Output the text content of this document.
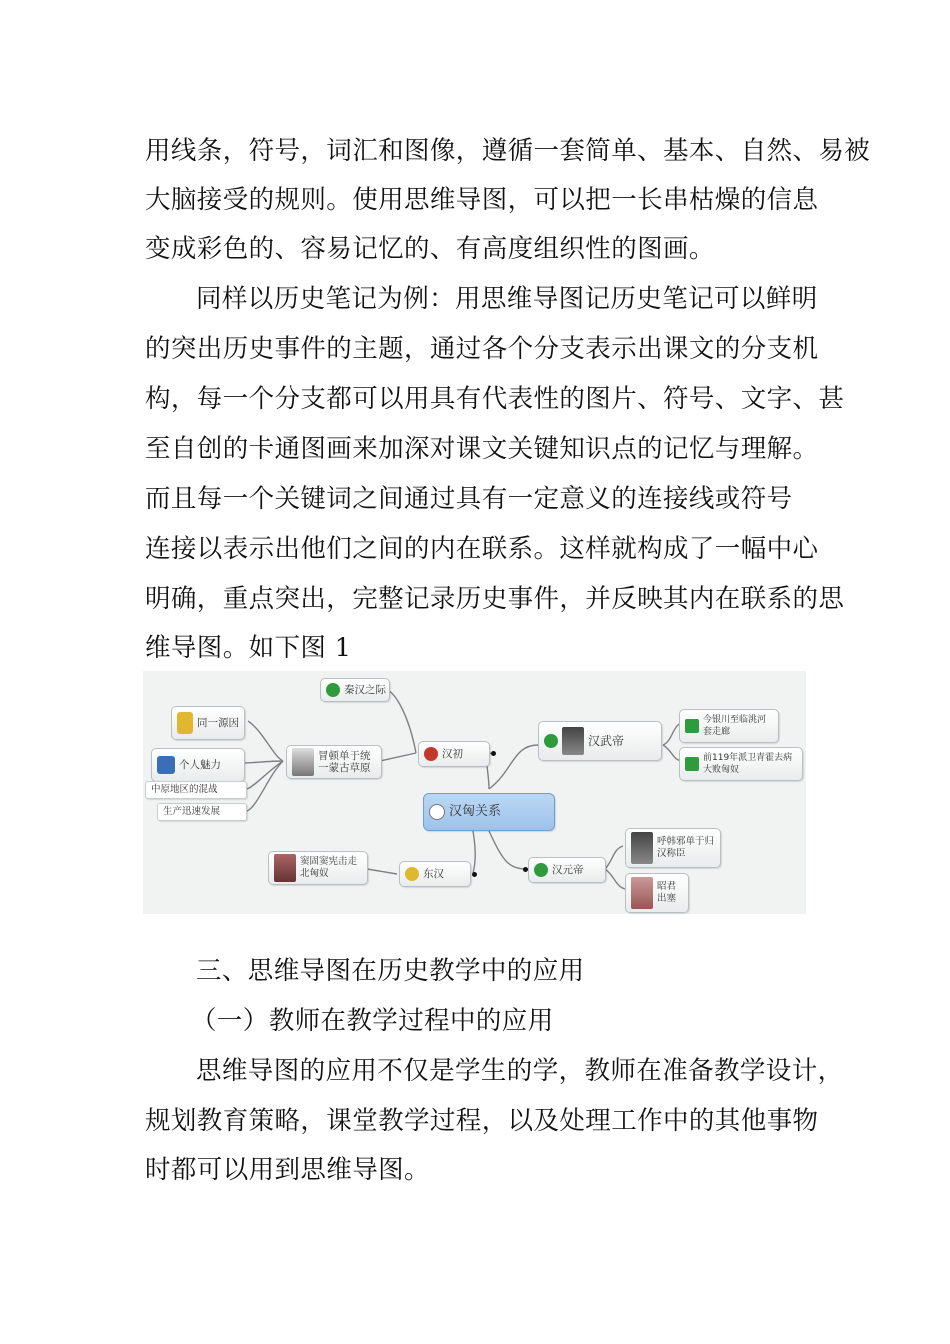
用线条，符号，词汇和图像，遵循一套简单、基本、自然、易被
大脑接受的规则。使用思维导图，可以把一长串枯燥的信息
变成彩色的、容易记忆的、有高度组织性的图画。
同样以历史笔记为例：用思维导图记历史笔记可以鲜明
的突出历史事件的主题，通过各个分支表示出课文的分支机
构，每一个分支都可以用具有代表性的图片、符号、文字、甚
至自创的卡通图画来加深对课文关键知识点的记忆与理解。
而且每一个关键词之间通过具有一定意义的连接线或符号
连接以表示出他们之间的内在联系。这样就构成了一幅中心
明确，重点突出，完整记录历史事件，并反映其内在联系的思
维导图。如下图 1
汉匈关系
汉初
秦汉之际
冒顿单于统一蒙古草原
同一源因
个人魅力
中原地区的混战
生产迅速发展
汉武帝
今银川至临洮河套走廊
前119年派卫青霍去病大败匈奴
东汉
窦固窦宪击走北匈奴	汉元帝
呼韩邪单于归汉称臣
昭君出塞
三、思维导图在历史教学中的应用
（一）教师在教学过程中的应用
思维导图的应用不仅是学生的学，教师在准备教学设计，
规划教育策略，课堂教学过程，以及处理工作中的其他事物
时都可以用到思维导图。
